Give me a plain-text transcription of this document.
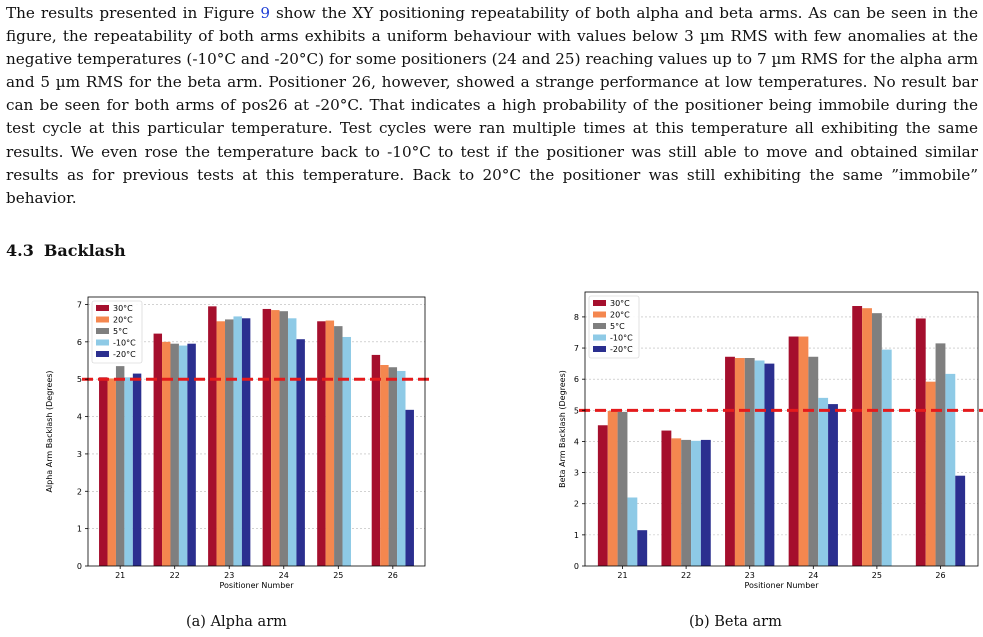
The results presented in Figure 9 show the XY positioning repeatability of both alpha and beta arms. As can be seen in the figure, the repeatability of both arms exhibits a uniform behaviour with values below 3 µm RMS with few anomalies at the negative temperatures (-10°C and -20°C) for some positioners (24 and 25) reaching values up to 7 µm RMS for the alpha arm and 5 µm RMS for the beta arm. Positioner 26, however, showed a strange performance at low temperatures. No result bar can be seen for both arms of pos26 at -20°C. That indicates a high probability of the positioner being immobile during the test cycle at this particular temperature. Test cycles were ran multiple times at this temperature all exhibiting the same results. We even rose the temperature back to -10°C to test if the positioner was still able to move and obtained similar results as for previous tests at this temperature. Back to 20°C the positioner was still exhibiting the same ”immobile” behavior.

4.3 Backlash
0
1
2
3
4
5
6
7
21	22	23	24	25	26
Positioner Number
Alpha Arm Backlash (Degrees)
30°C
20°C
5°C
-10°C
-20°C
0
1
2
3
4
5
6
7
8
21	22	23	24	25	26
Positioner Number
Beta Arm Backlash (Degrees)
30°C
20°C
5°C
-10°C
-20°C
(a) Alpha arm	(b) Beta arm
